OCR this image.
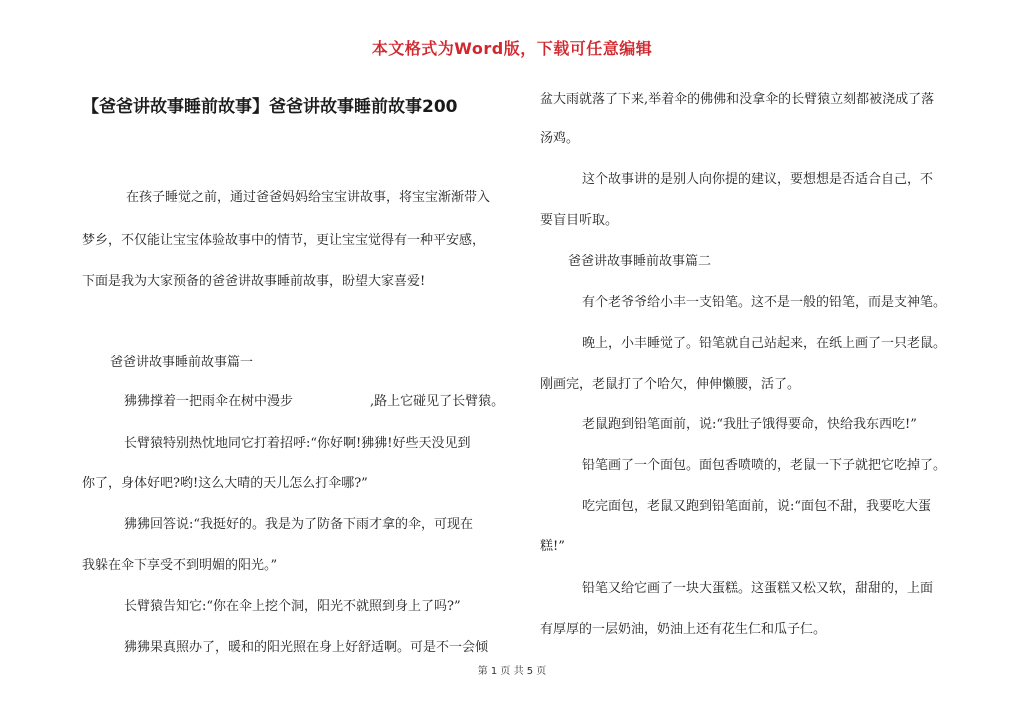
本文格式为Word版，下载可任意编辑
【爸爸讲故事睡前故事】爸爸讲故事睡前故事200
在孩子睡觉之前，通过爸爸妈妈给宝宝讲故事，将宝宝渐渐带入
梦乡，不仅能让宝宝体验故事中的情节，更让宝宝觉得有一种平安感，
下面是我为大家预备的爸爸讲故事睡前故事，盼望大家喜爱!
爸爸讲故事睡前故事篇一
狒狒撑着一把雨伞在树中漫步	,路上它碰见了长臂猿。
长臂猿特别热忱地同它打着招呼:“你好啊!狒狒!好些天没见到
你了，身体好吧?哟!这么大晴的天儿怎么打伞哪?”
狒狒回答说:“我挺好的。我是为了防备下雨才拿的伞，可现在
我躲在伞下享受不到明媚的阳光。”
长臂猿告知它:“你在伞上挖个洞，阳光不就照到身上了吗?”
狒狒果真照办了，暖和的阳光照在身上好舒适啊。可是不一会倾
盆大雨就落了下来,举着伞的佛佛和没拿伞的长臂猿立刻都被浇成了落
汤鸡。
这个故事讲的是别人向你提的建议，要想想是否适合自己，不
要盲目听取。
爸爸讲故事睡前故事篇二
有个老爷爷给小丰一支铅笔。这不是一般的铅笔，而是支神笔。
晚上，小丰睡觉了。铅笔就自己站起来，在纸上画了一只老鼠。
刚画完，老鼠打了个哈欠，伸伸懒腰，活了。
老鼠跑到铅笔面前，说:“我肚子饿得要命，快给我东西吃!”
铅笔画了一个面包。面包香喷喷的，老鼠一下子就把它吃掉了。
吃完面包，老鼠又跑到铅笔面前，说:“面包不甜，我要吃大蛋
糕!”
铅笔又给它画了一块大蛋糕。这蛋糕又松又软，甜甜的，上面
有厚厚的一层奶油，奶油上还有花生仁和瓜子仁。
第 1 页 共 5 页
